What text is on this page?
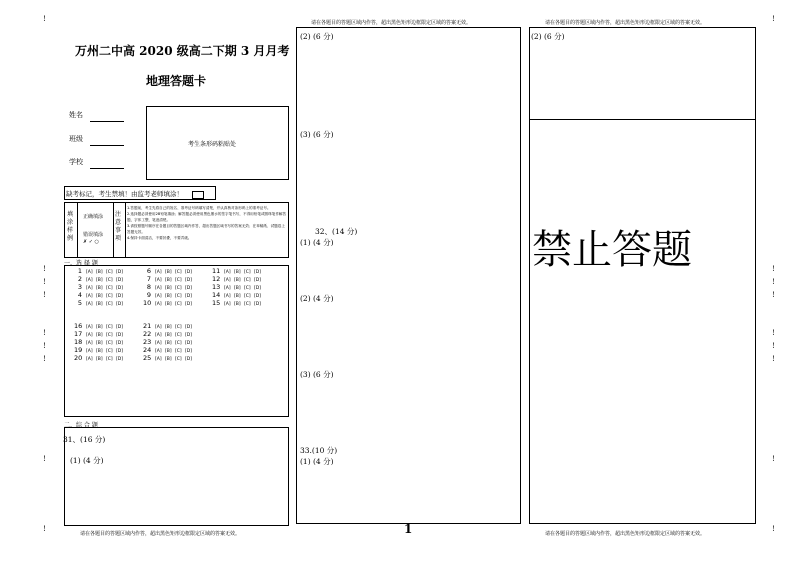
请在各题目的答题区域内作答，超出黑色矩形边框限定区域的答案无效。	请在各题目的答题区域内作答，超出黑色矩形边框限定区域的答案无效。
!
!
!
!
!
!
!
!
!
!
!
!
!
!
!
!
!
!
万州二中高 2020 级高二下期 3 月月考
地理答题卡
姓名
班级
学校
考生条形码粘贴处
缺考标记，考生禁填！由监考老师填涂！
填涂样例
正确填涂
错误填涂
✗ ✓ ○
注意事项
1.答题前，考生先将自己的姓名、准考证号码填写清楚，并认真核对条形码上的准考证号。
2.选择题必须使用2B铅笔填涂；解答题必须使用黑色墨水的签字笔书写，不得用铅笔或圆珠笔作解答题，字体工整，笔迹清楚。
3.请按照题号顺序在各题目的答题区域内作答，超出答题区域书写的答案无效；在草稿纸、试题卷上答题无效。
4.保持卡面清洁，不要折叠，不要弄破。
一、选 择 题
1 [A] [B] [C] [D]
2 [A] [B] [C] [D]
3 [A] [B] [C] [D]
4 [A] [B] [C] [D]
5 [A] [B] [C] [D]
6 [A] [B] [C] [D]
7 [A] [B] [C] [D]
8 [A] [B] [C] [D]
9 [A] [B] [C] [D]
10 [A] [B] [C] [D]
11 [A] [B] [C] [D]
12 [A] [B] [C] [D]
13 [A] [B] [C] [D]
14 [A] [B] [C] [D]
15 [A] [B] [C] [D]
16 [A] [B] [C] [D]
17 [A] [B] [C] [D]
18 [A] [B] [C] [D]
19 [A] [B] [C] [D]
20 [A] [B] [C] [D]
21 [A] [B] [C] [D]
22 [A] [B] [C] [D]
23 [A] [B] [C] [D]
24 [A] [B] [C] [D]
25 [A] [B] [C] [D]
二、综 合 题
31、(16 分)
(1) (4 分)
请在各题目的答题区域内作答，超出黑色矩形边框限定区域的答案无效。
(2) (6 分)
(3) (6 分)
32、(14 分)
(1) (4 分)
(2) (4 分)
(3) (6 分)
33.(10 分)
(1) (4 分)
1
(2) (6 分)
禁止答题
请在各题目的答题区域内作答，超出黑色矩形边框限定区域的答案无效。
